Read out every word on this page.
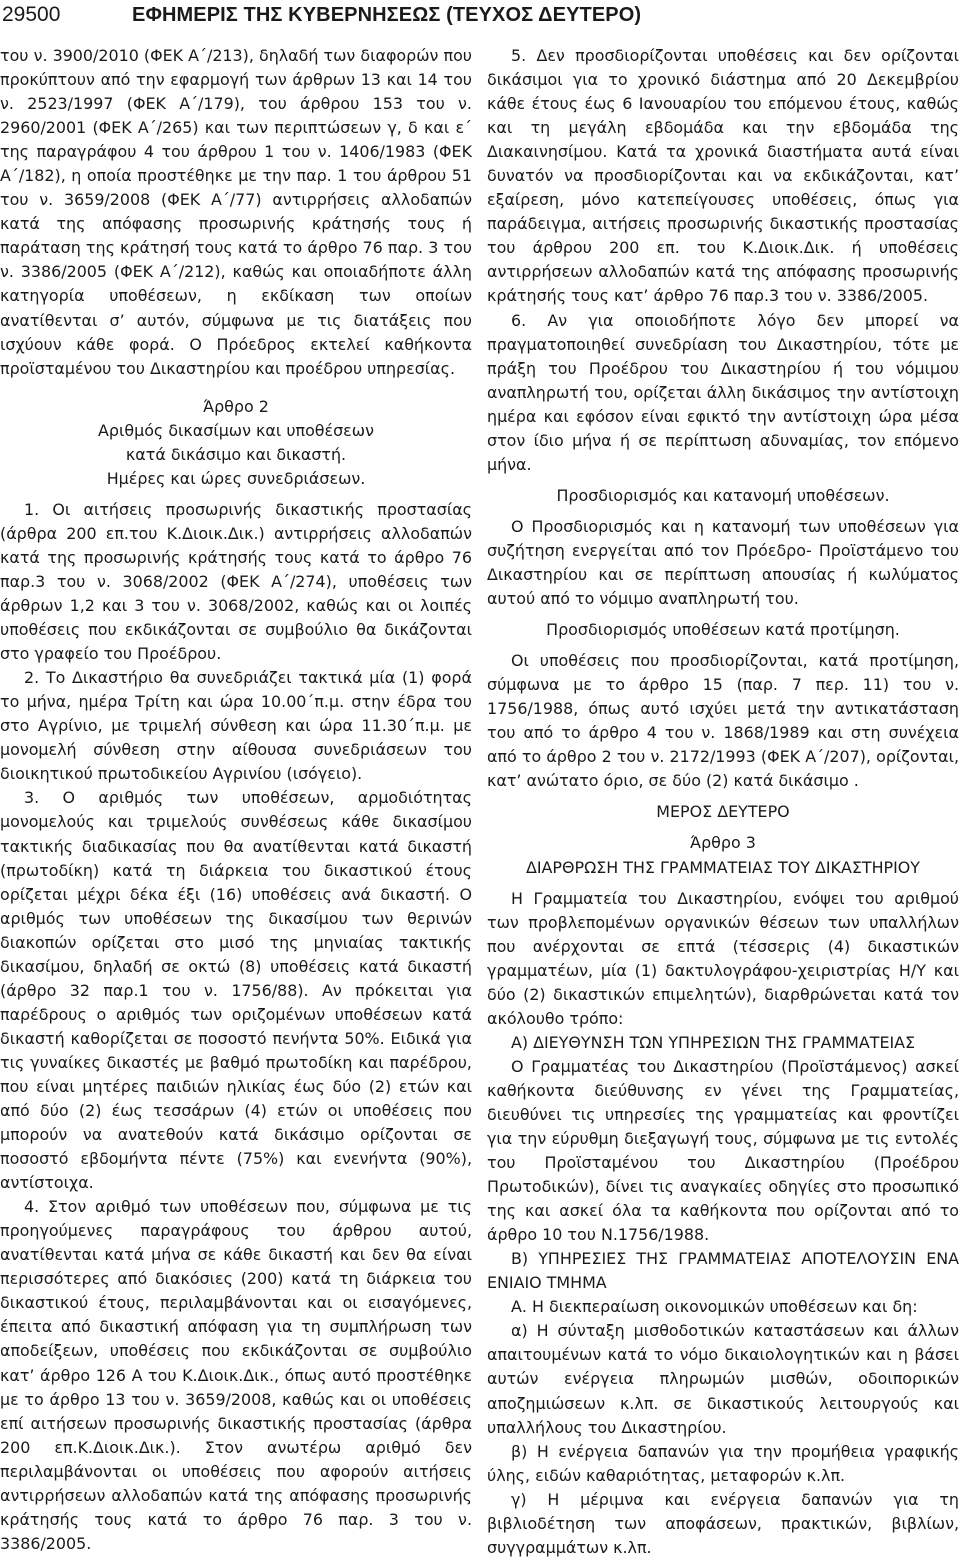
29500	ΕΦΗΜΕΡΙΣ ΤΗΣ ΚΥΒΕΡΝΗΣΕΩΣ (ΤΕΥΧΟΣ ΔΕΥΤΕΡΟ)

του ν. 3900/2010 (ΦΕΚ Α΄/213), δηλαδή των διαφορών που προκύπτουν από την εφαρμογή των άρθρων 13 και 14 του ν. 2523/1997 (ΦΕΚ Α΄/179), του άρθρου 153 του ν. 2960/2001 (ΦΕΚ Α΄/265) και των περιπτώσεων γ, δ και ε΄ της παραγράφου 4 του άρθρου 1 του ν. 1406/1983 (ΦΕΚ Α΄/182), η οποία προστέθηκε με την παρ. 1 του άρθρου 51 του ν. 3659/2008 (ΦΕΚ Α΄/77) αντιρρήσεις αλλοδαπών κατά της απόφασης προσωρινής κράτησής τους ή παράταση της κράτησή τους κατά το άρθρο 76 παρ. 3 του ν. 3386/2005 (ΦΕΚ Α΄/212), καθώς και οποιαδήποτε άλλη κατηγορία υποθέσεων, η εκδίκαση των οποίων ανατίθενται σ’ αυτόν, σύμφωνα με τις διατάξεις που ισχύουν κάθε φορά. Ο Πρόεδρος εκτελεί καθήκοντα προϊσταμένου του Δικαστηρίου και προέδρου υπηρεσίας.

Άρθρο 2

Αριθμός δικασίμων και υποθέσεων

κατά δικάσιμο και δικαστή.

Ημέρες και ώρες συνεδριάσεων.

1. Οι αιτήσεις προσωρινής δικαστικής προστασίας (άρθρα 200 επ.του Κ.Διοικ.Δικ.) αντιρρήσεις αλλοδαπών κατά της προσωρινής κράτησής τους κατά το άρθρο 76 παρ.3 του ν. 3068/2002 (ΦΕΚ Α΄/274), υποθέσεις των άρθρων 1,2 και 3 του ν. 3068/2002, καθώς και οι λοιπές υποθέσεις που εκδικάζονται σε συμβούλιο θα δικάζονται στο γραφείο του Προέδρου.

2. Το Δικαστήριο θα συνεδριάζει τακτικά μία (1) φορά το μήνα, ημέρα Τρίτη και ώρα 10.00΄π.μ. στην έδρα του στο Αγρίνιο, με τριμελή σύνθεση και ώρα 11.30΄π.μ. με μονομελή σύνθεση στην αίθουσα συνεδριάσεων του διοικητικού πρωτοδικείου Αγρινίου (ισόγειο).

3. Ο αριθμός των υποθέσεων, αρμοδιότητας μονομελούς και τριμελούς συνθέσεως κάθε δικασίμου τακτικής διαδικασίας που θα ανατίθενται κατά δικαστή (πρωτοδίκη) κατά τη διάρκεια του δικαστικού έτους ορίζεται μέχρι δέκα έξι (16) υποθέσεις ανά δικαστή. Ο αριθμός των υποθέσεων της δικασίμου των θερινών διακοπών ορίζεται στο μισό της μηνιαίας τακτικής δικασίμου, δηλαδή σε οκτώ (8) υποθέσεις κατά δικαστή (άρθρο 32 παρ.1 του ν. 1756/88). Αν πρόκειται για παρέδρους ο αριθμός των οριζομένων υποθέσεων κατά δικαστή καθορίζεται σε ποσοστό πενήντα 50%. Ειδικά για τις γυναίκες δικαστές με βαθμό πρωτοδίκη και παρέδρου, που είναι μητέρες παιδιών ηλικίας έως δύο (2) ετών και από δύο (2) έως τεσσάρων (4) ετών οι υποθέσεις που μπορούν να ανατεθούν κατά δικάσιμο ορίζονται σε ποσοστό εβδομήντα πέντε (75%) και ενενήντα (90%), αντίστοιχα.

4. Στον αριθμό των υποθέσεων που, σύμφωνα με τις προηγούμενες παραγράφους του άρθρου αυτού, ανατίθενται κατά μήνα σε κάθε δικαστή και δεν θα είναι περισσότερες από διακόσιες (200) κατά τη διάρκεια του δικαστικού έτους, περιλαμβάνονται και οι εισαγόμενες, έπειτα από δικαστική απόφαση για τη συμπλήρωση των αποδείξεων, υποθέσεις που εκδικάζονται σε συμβούλιο κατ’ άρθρο 126 Α του Κ.Διοικ.Δικ., όπως αυτό προστέθηκε με το άρθρο 13 του ν. 3659/2008, καθώς και οι υποθέσεις επί αιτήσεων προσωρινής δικαστικής προστασίας (άρθρα 200 επ.Κ.Διοικ.Δικ.). Στον ανωτέρω αριθμό δεν περιλαμβάνονται οι υποθέσεις που αφορούν αιτήσεις αντιρρήσεων αλλοδαπών κατά της απόφασης προσωρινής κράτησής τους κατά το άρθρο 76 παρ. 3 του ν. 3386/2005.

5. Δεν προσδιορίζονται υποθέσεις και δεν ορίζονται δικάσιμοι για το χρονικό διάστημα από 20 Δεκεμβρίου κάθε έτους έως 6 Ιανουαρίου του επόμενου έτους, καθώς και τη μεγάλη εβδομάδα και την εβδομάδα της Διακαινησίμου. Κατά τα χρονικά διαστήματα αυτά είναι δυνατόν να προσδιορίζονται και να εκδικάζονται, κατ’ εξαίρεση, μόνο κατεπείγουσες υποθέσεις, όπως για παράδειγμα, αιτήσεις προσωρινής δικαστικής προστασίας του άρθρου 200 επ. του Κ.Διοικ.Δικ. ή υποθέσεις αντιρρήσεων αλλοδαπών κατά της απόφασης προσωρινής κράτησής τους κατ’ άρθρο 76 παρ.3 του ν. 3386/2005.

6. Αν για οποιοδήποτε λόγο δεν μπορεί να πραγματοποιηθεί συνεδρίαση του Δικαστηρίου, τότε με πράξη του Προέδρου του Δικαστηρίου ή του νόμιμου αναπληρωτή του, ορίζεται άλλη δικάσιμος την αντίστοιχη ημέρα και εφόσον είναι εφικτό την αντίστοιχη ώρα μέσα στον ίδιο μήνα ή σε περίπτωση αδυναμίας, τον επόμενο μήνα.

Προσδιορισμός και κατανομή υποθέσεων.

Ο Προσδιορισμός και η κατανομή των υποθέσεων για συζήτηση ενεργείται από τον Πρόεδρο- Προϊστάμενο του Δικαστηρίου και σε περίπτωση απουσίας ή κωλύματος αυτού από το νόμιμο αναπληρωτή του.

Προσδιορισμός υποθέσεων κατά προτίμηση.

Οι υποθέσεις που προσδιορίζονται, κατά προτίμηση, σύμφωνα με το άρθρο 15 (παρ. 7 περ. 11) του ν. 1756/1988, όπως αυτό ισχύει μετά την αντικατάσταση του από το άρθρο 4 του ν. 1868/1989 και στη συνέχεια από το άρθρο 2 του ν. 2172/1993 (ΦΕΚ Α΄/207), ορίζονται, κατ’ ανώτατο όριο, σε δύο (2) κατά δικάσιμο .

ΜΕΡΟΣ ΔΕΥΤΕΡΟ

Άρθρο 3

ΔΙΑΡΘΡΩΣΗ ΤΗΣ ΓΡΑΜΜΑΤΕΙΑΣ ΤΟΥ ΔΙΚΑΣΤΗΡΙΟΥ

Η Γραμματεία του Δικαστηρίου, ενόψει του αριθμού των προβλεπομένων οργανικών θέσεων των υπαλλήλων που ανέρχονται σε επτά (τέσσερις (4) δικαστικών γραμματέων, μία (1) δακτυλογράφου-χειριστρίας Η/Υ και δύο (2) δικαστικών επιμελητών), διαρθρώνεται κατά τον ακόλουθο τρόπο:

Α) ΔΙΕΥΘΥΝΣΗ ΤΩΝ ΥΠΗΡΕΣΙΩΝ ΤΗΣ ΓΡΑΜΜΑΤΕΙΑΣ

Ο Γραμματέας του Δικαστηρίου (Προϊστάμενος) ασκεί καθήκοντα διεύθυνσης εν γένει της Γραμματείας, διευθύνει τις υπηρεσίες της γραμματείας και φροντίζει για την εύρυθμη διεξαγωγή τους, σύμφωνα με τις εντολές του Προϊσταμένου του Δικαστηρίου (Προέδρου Πρωτοδικών), δίνει τις αναγκαίες οδηγίες στο προσωπικό της και ασκεί όλα τα καθήκοντα που ορίζονται από το άρθρο 10 του Ν.1756/1988.

Β) ΥΠΗΡΕΣΙΕΣ ΤΗΣ ΓΡΑΜΜΑΤΕΙΑΣ ΑΠΟΤΕΛΟΥΣΙΝ ΕΝΑ ΕΝΙΑΙΟ ΤΜΗΜΑ

Α. Η διεκπεραίωση οικονομικών υποθέσεων και δη:

α) Η σύνταξη μισθοδοτικών καταστάσεων και άλλων απαιτουμένων κατά το νόμο δικαιολογητικών και η βάσει αυτών ενέργεια πληρωμών μισθών, οδοιπορικών αποζημιώσεων κ.λπ. σε δικαστικούς λειτουργούς και υπαλλήλους του Δικαστηρίου.

β) Η ενέργεια δαπανών για την προμήθεια γραφικής ύλης, ειδών καθαριότητας, μεταφορών κ.λπ.

γ) Η μέριμνα και ενέργεια δαπανών για τη βιβλιοδέτηση των αποφάσεων, πρακτικών, βιβλίων, συγγραμμάτων κ.λπ.
